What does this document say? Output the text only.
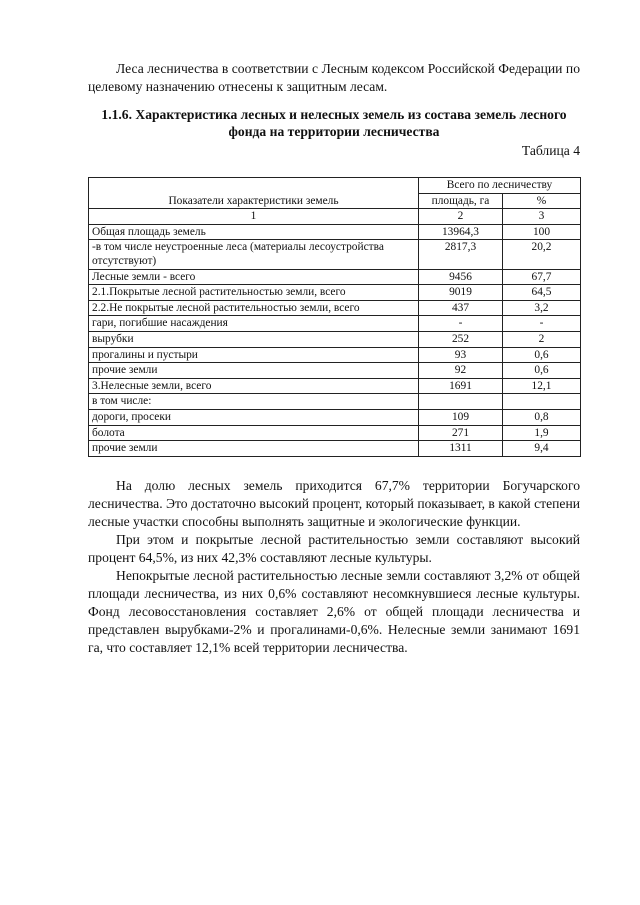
Леса лесничества в соответствии с Лесным кодексом Российской Федерации по целевому назначению отнесены к защитным лесам.

1.1.6. Характеристика лесных и нелесных земель из состава земель лесного фонда на территории лесничества

Таблица 4

Показатели характеристики земель	Всего по лесничеству	
	площадь, га	%
1	2	3
Общая площадь земель	13964,3	100
-в том числе неустроенные леса (материалы лесоустройства отсутствуют)	2817,3	20,2
Лесные земли - всего	9456	67,7
2.1.Покрытые лесной растительностью земли, всего	9019	64,5
2.2.Не покрытые лесной растительностью земли, всего	437	3,2
гари, погибшие насаждения	-	-
вырубки	252	2
прогалины и пустыри	93	0,6
прочие земли	92	0,6
3.Нелесные земли, всего	1691	12,1
в том числе:		
дороги, просеки	109	0,8
болота	271	1,9
прочие земли	1311	9,4

На долю лесных земель приходится 67,7% территории Богучарского лесничества. Это достаточно высокий процент, который показывает, в какой степени лесные участки способны выполнять защитные и экологические функции.

При этом и покрытые лесной растительностью земли составляют высокий процент 64,5%, из них 42,3% составляют лесные культуры.

Непокрытые лесной растительностью лесные земли составляют 3,2% от общей площади лесничества, из них 0,6% составляют несомкнувшиеся лесные культуры. Фонд лесовосстановления составляет 2,6% от общей площади лесничества и представлен вырубками-2% и прогалинами-0,6%. Нелесные земли занимают 1691 га, что составляет 12,1% всей территории лесничества.
